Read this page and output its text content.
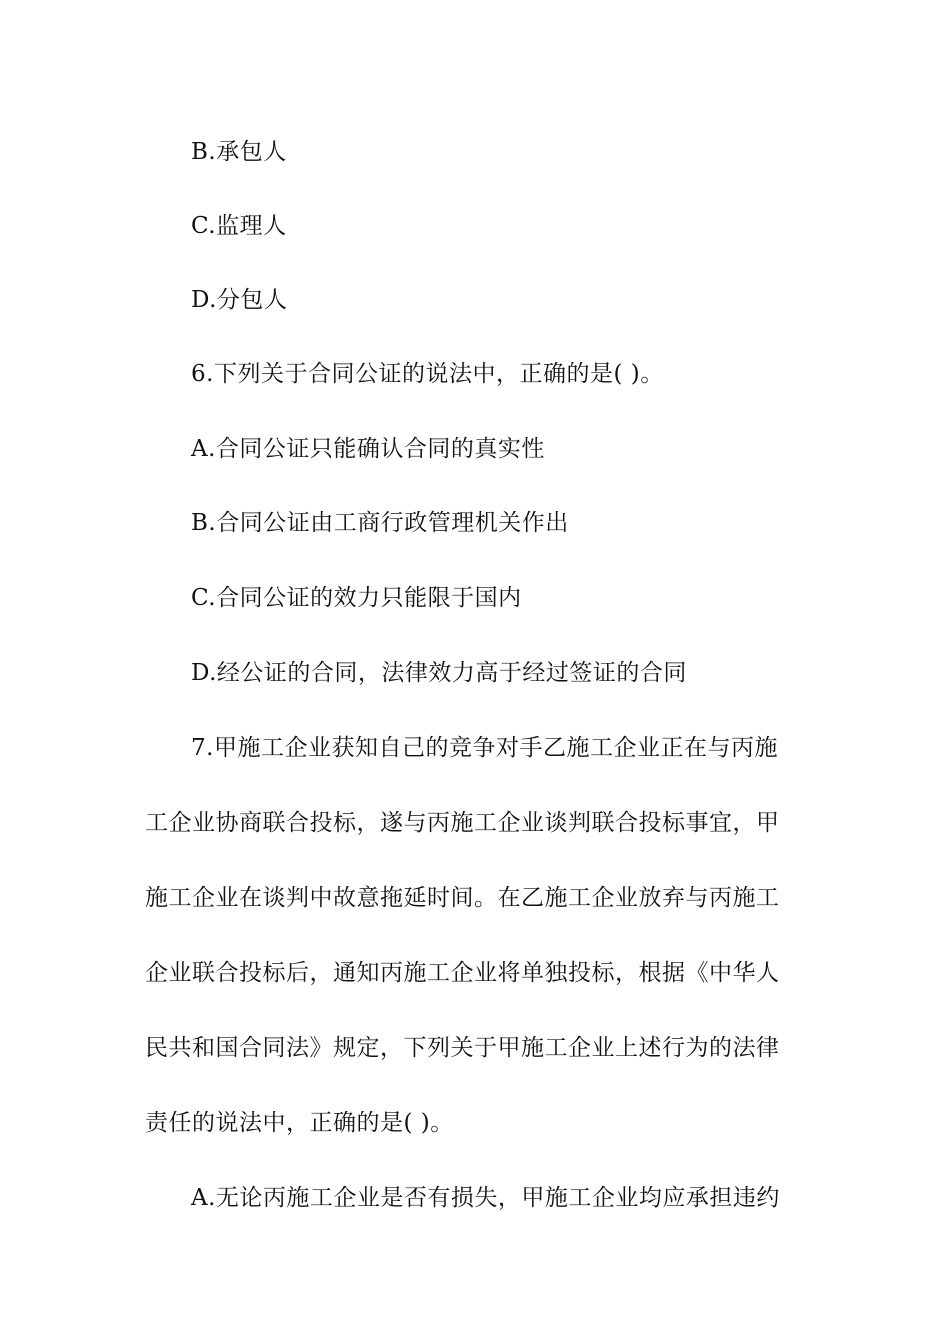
B.承包人
C.监理人
D.分包人
6.下列关于合同公证的说法中，正确的是( )。
A.合同公证只能确认合同的真实性
B.合同公证由工商行政管理机关作出
C.合同公证的效力只能限于国内
D.经公证的合同，法律效力高于经过签证的合同
7.甲施工企业获知自己的竞争对手乙施工企业正在与丙施
工企业协商联合投标，遂与丙施工企业谈判联合投标事宜，甲
施工企业在谈判中故意拖延时间。在乙施工企业放弃与丙施工
企业联合投标后，通知丙施工企业将单独投标，根据《中华人
民共和国合同法》规定，下列关于甲施工企业上述行为的法律
责任的说法中，正确的是( )。
A.无论丙施工企业是否有损失，甲施工企业均应承担违约
